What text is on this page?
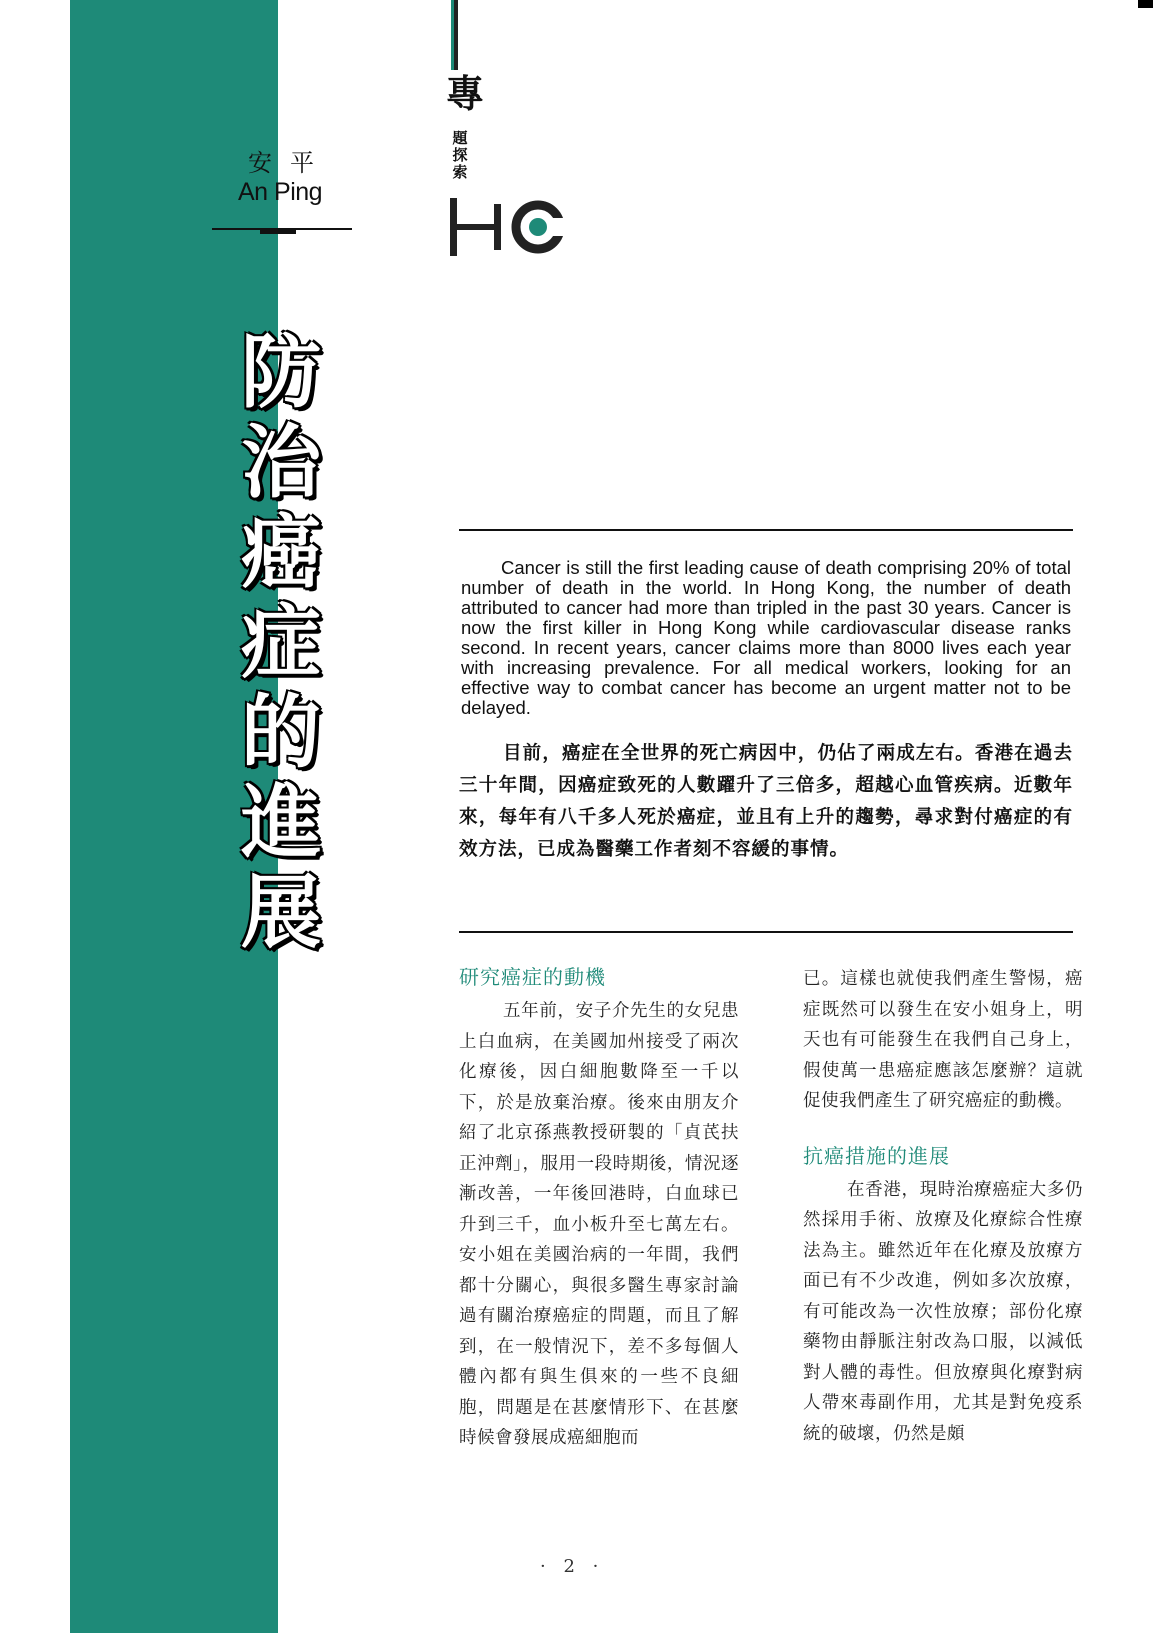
安平
An Ping
防
治
癌
症
的
進
展
專
題
探
索
Cancer is still the first leading cause of death comprising 20% of total number of death in the world. In Hong Kong, the number of death attributed to cancer had more than tripled in the past 30 years. Cancer is now the first killer in Hong Kong while cardiovascular disease ranks second. In recent years, cancer claims more than 8000 lives each year with increasing prevalence. For all medical workers, looking for an effective way to combat cancer has become an urgent matter not to be delayed.
目前，癌症在全世界的死亡病因中，仍佔了兩成左右。香港在過去三十年間，因癌症致死的人數躍升了三倍多，超越心血管疾病。近數年來，每年有八千多人死於癌症，並且有上升的趨勢，尋求對付癌症的有效方法，已成為醫藥工作者刻不容緩的事情。
研究癌症的動機

五年前，安子介先生的女兒患上白血病，在美國加州接受了兩次化療後，因白細胞數降至一千以下，於是放棄治療。後來由朋友介紹了北京孫燕教授研製的「貞芪扶正沖劑」，服用一段時期後，情況逐漸改善，一年後回港時，白血球已升到三千，血小板升至七萬左右。安小姐在美國治病的一年間，我們都十分關心，與很多醫生專家討論過有關治療癌症的問題，而且了解到，在一般情況下，差不多每個人體內都有與生俱來的一些不良細胞，問題是在甚麼情形下、在甚麼時候會發展成癌細胞而

已。這樣也就使我們產生警惕，癌症既然可以發生在安小姐身上，明天也有可能發生在我們自己身上，假使萬一患癌症應該怎麼辦？這就促使我們產生了研究癌症的動機。

抗癌措施的進展

在香港，現時治療癌症大多仍然採用手術、放療及化療綜合性療法為主。雖然近年在化療及放療方面已有不少改進，例如多次放療，有可能改為一次性放療；部份化療藥物由靜脈注射改為口服，以減低對人體的毒性。但放療與化療對病人帶來毒副作用，尤其是對免疫系統的破壞，仍然是頗

· 2 ·
